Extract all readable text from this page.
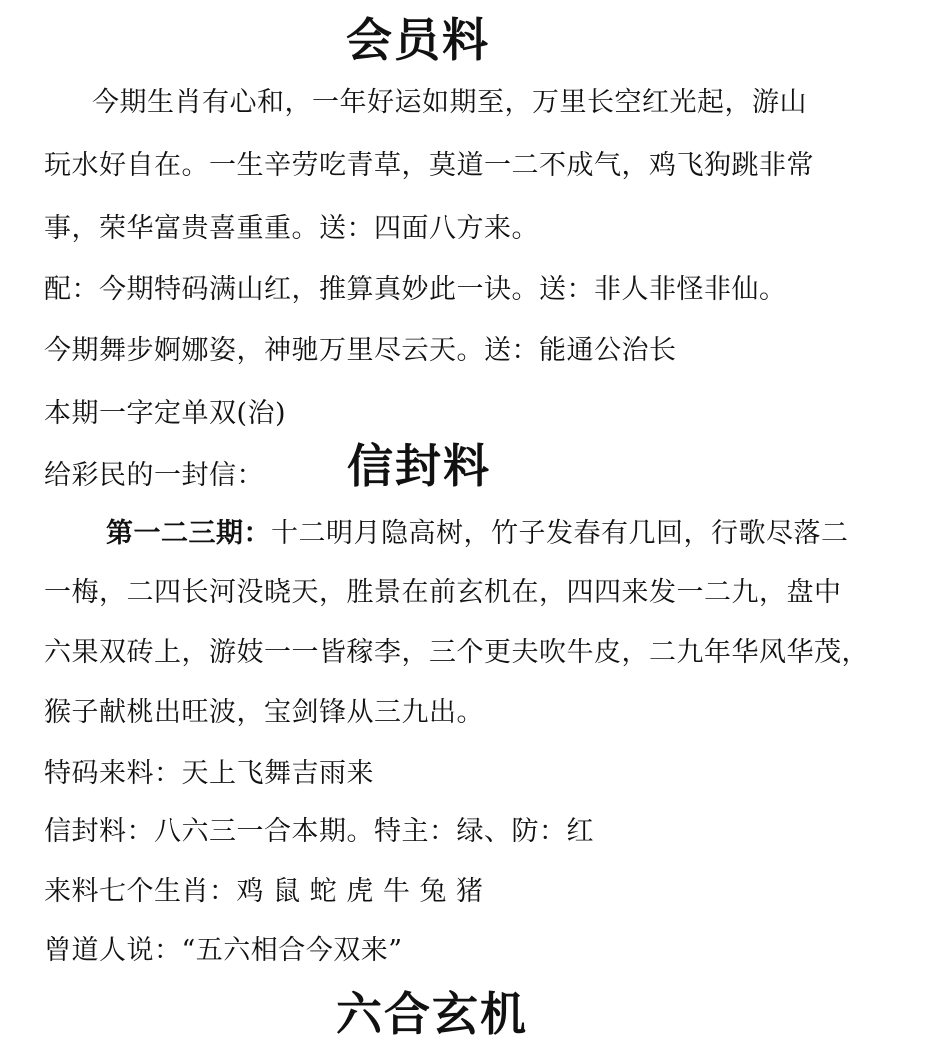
会员料
今期生肖有心和，一年好运如期至，万里长空红光起，游山
玩水好自在。一生辛劳吃青草，莫道一二不成气，鸡飞狗跳非常
事，荣华富贵喜重重。送：四面八方来。
配：今期特码满山红，推算真妙此一诀。送：非人非怪非仙。
今期舞步婀娜姿，神驰万里尽云天。送：能通公治长
本期一字定单双(治)
给彩民的一封信： 信封料
第一二三期：十二明月隐高树，竹子发春有几回，行歌尽落二
一梅，二四长河没晓天，胜景在前玄机在，四四来发一二九，盘中
六果双砖上，游妓一一皆稼李，三个更夫吹牛皮，二九年华风华茂，
猴子献桃出旺波，宝剑锋从三九出。
特码来料：天上飞舞吉雨来
信封料：八六三一合本期。特主：绿、防：红
来料七个生肖：鸡 鼠 蛇 虎 牛 兔 猪
曾道人说：“五六相合今双来”
六合玄机
